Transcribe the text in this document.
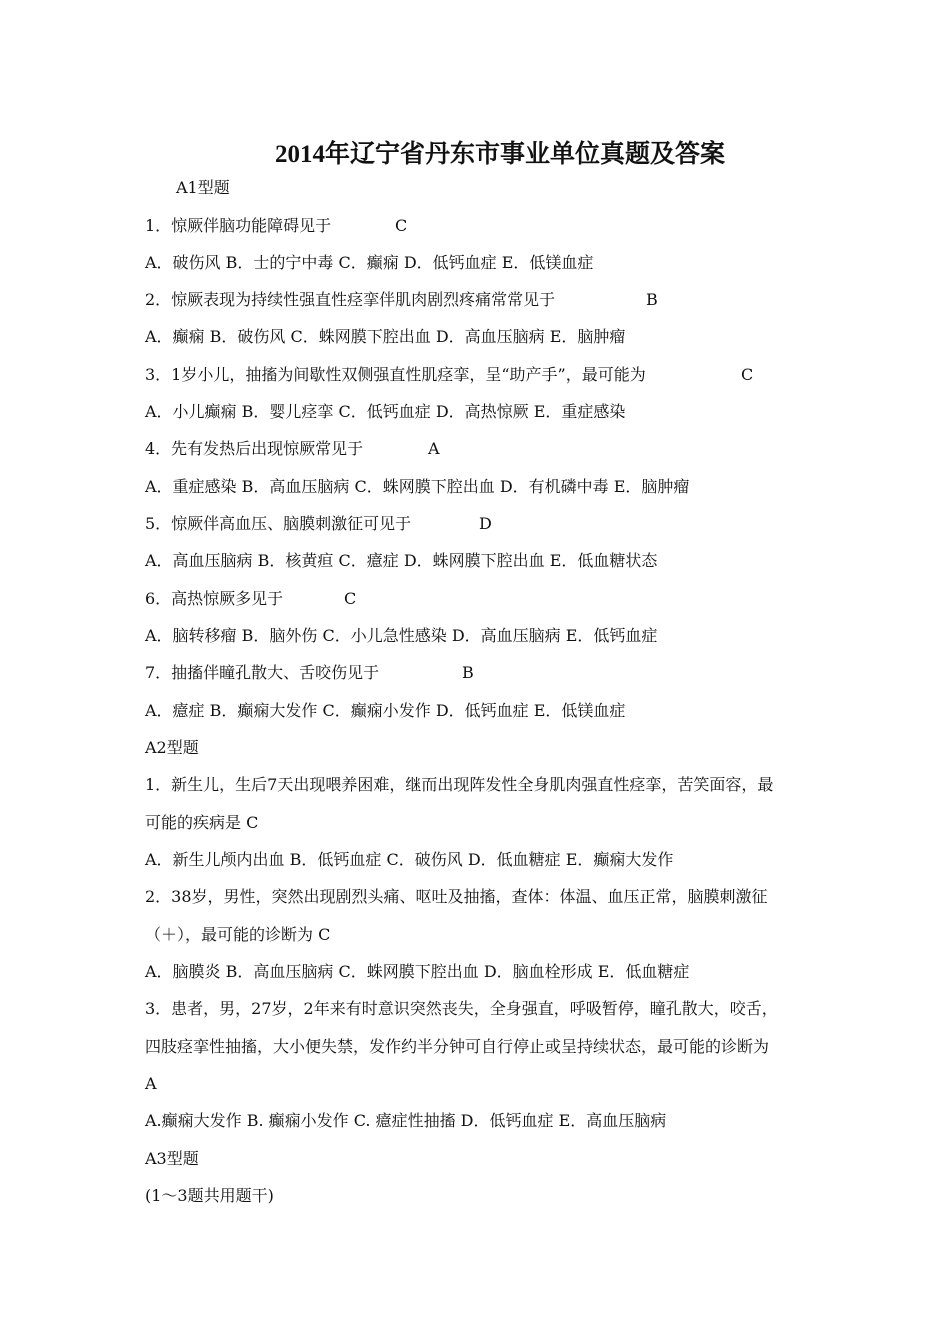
2014年辽宁省丹东市事业单位真题及答案
A1型题
1．惊厥伴脑功能障碍见于	C
A．破伤风 B．士的宁中毒 C．癫痫 D．低钙血症 E．低镁血症
2．惊厥表现为持续性强直性痉挛伴肌肉剧烈疼痛常常见于	B
A．癫痫 B．破伤风 C．蛛网膜下腔出血 D．高血压脑病 E．脑肿瘤
3．1岁小儿，抽搐为间歇性双侧强直性肌痉挛，呈“助产手”，最可能为	C
A．小儿癫痫 B．婴儿痉挛 C．低钙血症 D．高热惊厥 E．重症感染
4．先有发热后出现惊厥常见于	A
A．重症感染 B．高血压脑病 C．蛛网膜下腔出血 D．有机磷中毒 E．脑肿瘤
5．惊厥伴高血压、脑膜刺激征可见于	D
A．高血压脑病 B．核黄疸 C．癔症 D．蛛网膜下腔出血 E．低血糖状态
6．高热惊厥多见于	C
A．脑转移瘤 B．脑外伤 C．小儿急性感染 D．高血压脑病 E．低钙血症
7．抽搐伴瞳孔散大、舌咬伤见于	B
A．癔症 B．癫痫大发作 C．癫痫小发作 D．低钙血症 E．低镁血症
A2型题
1．新生儿，生后7天出现喂养困难，继而出现阵发性全身肌肉强直性痉挛，苦笑面容，最
可能的疾病是 C
A．新生儿颅内出血 B．低钙血症 C．破伤风 D．低血糖症 E．癫痫大发作
2．38岁，男性，突然出现剧烈头痛、呕吐及抽搐，查体：体温、血压正常，脑膜刺激征
（＋），最可能的诊断为 C
A．脑膜炎 B．高血压脑病 C．蛛网膜下腔出血 D．脑血栓形成 E．低血糖症
3．患者，男，27岁，2年来有时意识突然丧失，全身强直，呼吸暂停，瞳孔散大，咬舌，
四肢痉挛性抽搐，大小便失禁，发作约半分钟可自行停止或呈持续状态，最可能的诊断为
A
A.癫痫大发作 B. 癫痫小发作 C. 癔症性抽搐 D．低钙血症 E．高血压脑病
A3型题
(1～3题共用题干)
